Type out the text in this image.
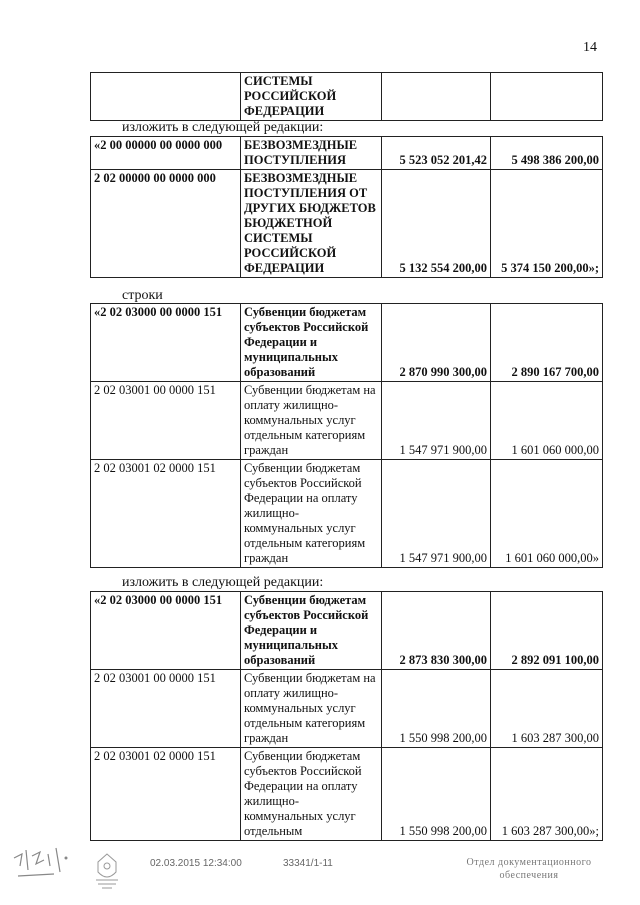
14
	СИСТЕМЫ РОССИЙСКОЙ ФЕДЕРАЦИИ		
изложить в следующей редакции:
«2 00 00000 00 0000 000	БЕЗВОЗМЕЗДНЫЕ ПОСТУПЛЕНИЯ	5 523 052 201,42	5 498 386 200,00
2 02 00000 00 0000 000	БЕЗВОЗМЕЗДНЫЕ ПОСТУПЛЕНИЯ ОТ ДРУГИХ БЮДЖЕТОВ БЮДЖЕТНОЙ СИСТЕМЫ РОССИЙСКОЙ ФЕДЕРАЦИИ	5 132 554 200,00	5 374 150 200,00»;
строки
«2 02 03000 00 0000 151	Субвенции бюджетам субъектов Российской Федерации и муниципальных образований	2 870 990 300,00	2 890 167 700,00
2 02 03001 00 0000 151	Субвенции бюджетам на оплату жилищно-коммунальных услуг отдельным категориям граждан	1 547 971 900,00	1 601 060 000,00
2 02 03001 02 0000 151	Субвенции бюджетам субъектов Российской Федерации на оплату жилищно-коммунальных услуг отдельным категориям граждан	1 547 971 900,00	1 601 060 000,00»
изложить в следующей редакции:
«2 02 03000 00 0000 151	Субвенции бюджетам субъектов Российской Федерации и муниципальных образований	2 873 830 300,00	2 892 091 100,00
2 02 03001 00 0000 151	Субвенции бюджетам на оплату жилищно-коммунальных услуг отдельным категориям граждан	1 550 998 200,00	1 603 287 300,00
2 02 03001 02 0000 151	Субвенции бюджетам субъектов Российской Федерации на оплату жилищно-коммунальных услуг отдельным	1 550 998 200,00	1 603 287 300,00»;
02.03.2015 12:34:00	33341/1-11	Отдел документационного
обеспечения
